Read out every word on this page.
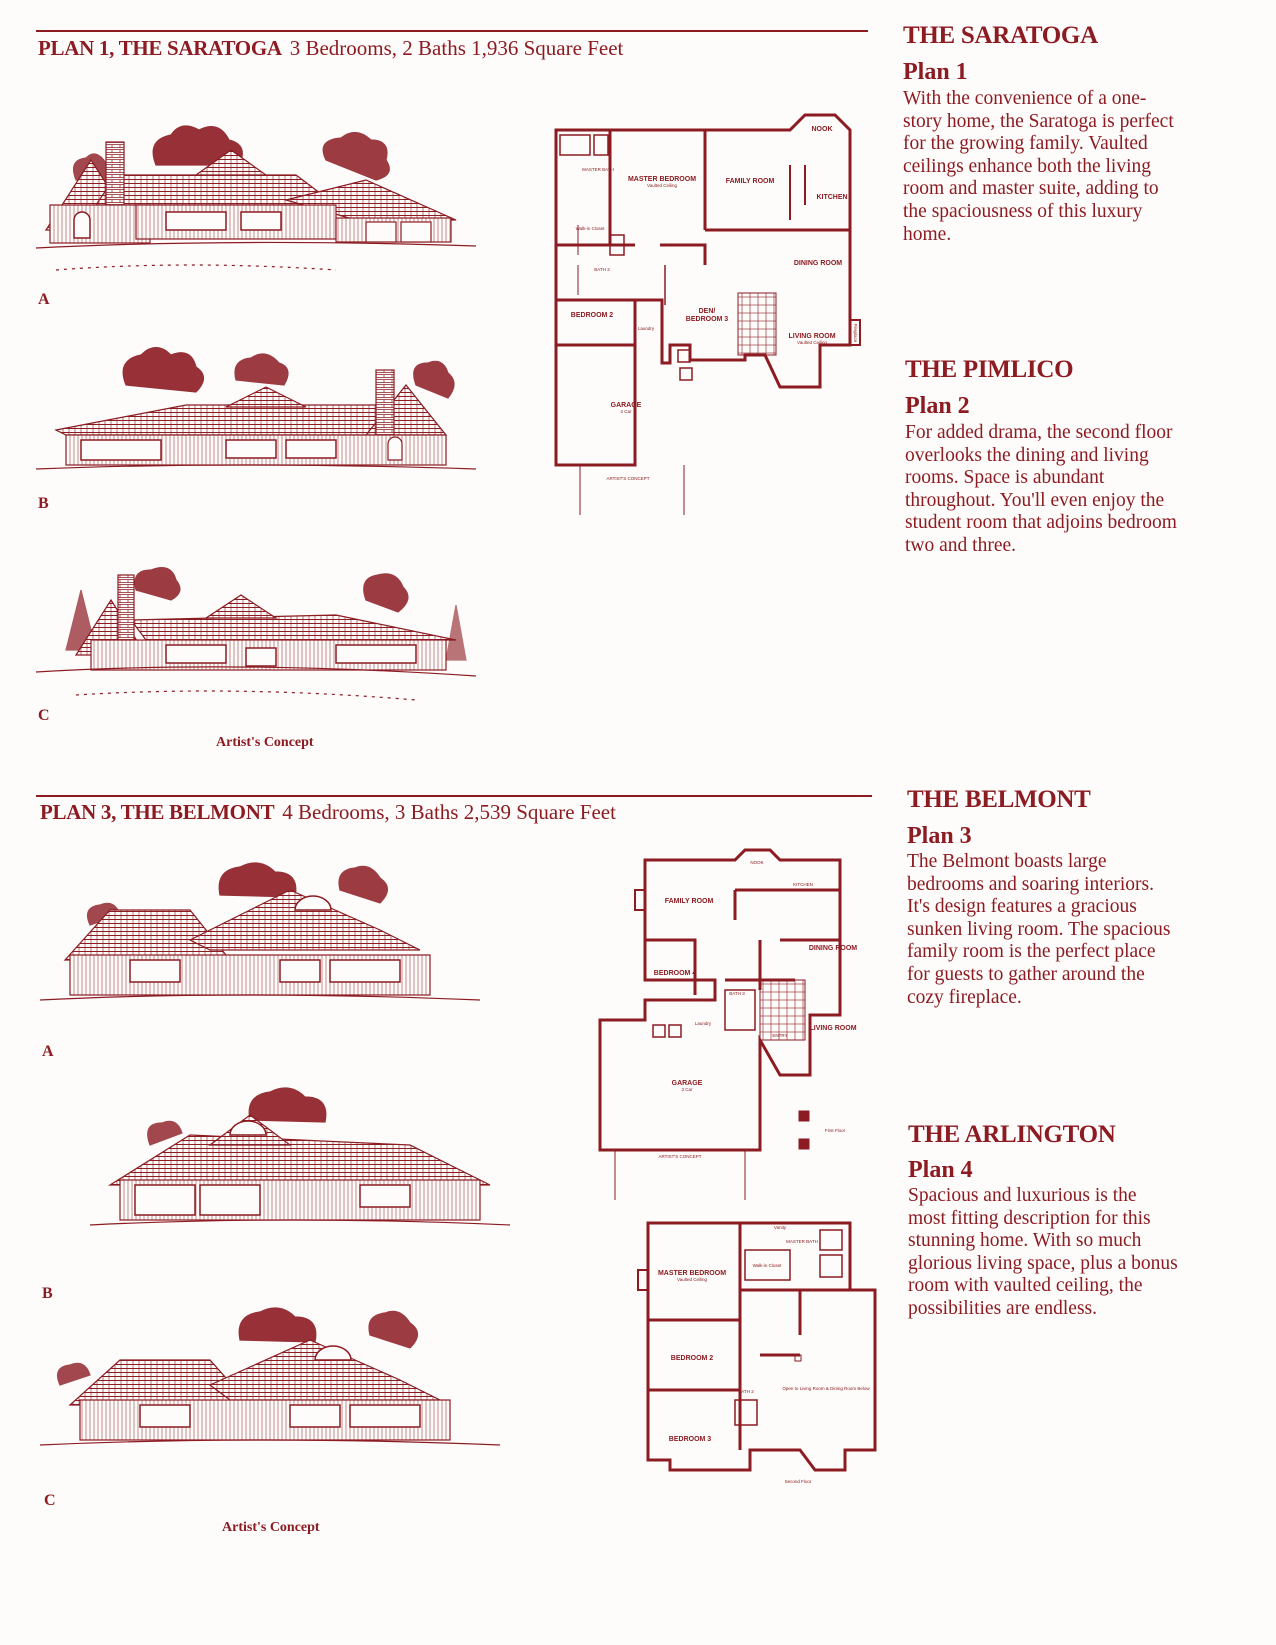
PLAN 1, THE SARATOGA 3 Bedrooms, 2 Baths 1,936 Square Feet
A
B
C
Artist's Concept
MASTER BATH
MASTER BEDROOM
Vaulted Ceiling
FAMILY ROOM
NOOK
KITCHEN
Walk-in Closet
BATH 2
DINING ROOM
BEDROOM 2
DEN/
BEDROOM 3
Laundry
LIVING ROOM
Vaulted Ceiling
Fireplace
GARAGE
2 Car
ARTIST'S CONCEPT
THE SARATOGA
Plan 1
With the convenience of a one-story home, the Saratoga is perfect for the growing family. Vaulted ceilings enhance both the living room and master suite, adding to the spaciousness of this luxury home.
THE PIMLICO
Plan 2
For added drama, the second floor overlooks the dining and living rooms. Space is abundant throughout. You'll even enjoy the student room that adjoins bedroom two and three.
PLAN 3, THE BELMONT 4 Bedrooms, 3 Baths 2,539 Square Feet
A
B
C
Artist's Concept
NOOK
KITCHEN
FAMILY ROOM
DINING ROOM
BEDROOM 4
BATH 3
Laundry
ENTRY
LIVING ROOM
GARAGE
3 Car
First Floor
ARTIST'S CONCEPT
Vanity
MASTER BATH
MASTER BEDROOM
Vaulted Ceiling
Walk-in Closet
BEDROOM 2
BATH 2
Open to Living Room & Dining Room Below
BEDROOM 3
Second Floor
THE BELMONT
Plan 3
The Belmont boasts large bedrooms and soaring interiors. It's design features a gracious sunken living room. The spacious family room is the perfect place for guests to gather around the cozy fireplace.
THE ARLINGTON
Plan 4
Spacious and luxurious is the most fitting description for this stunning home. With so much glorious living space, plus a bonus room with vaulted ceiling, the possibilities are endless.
